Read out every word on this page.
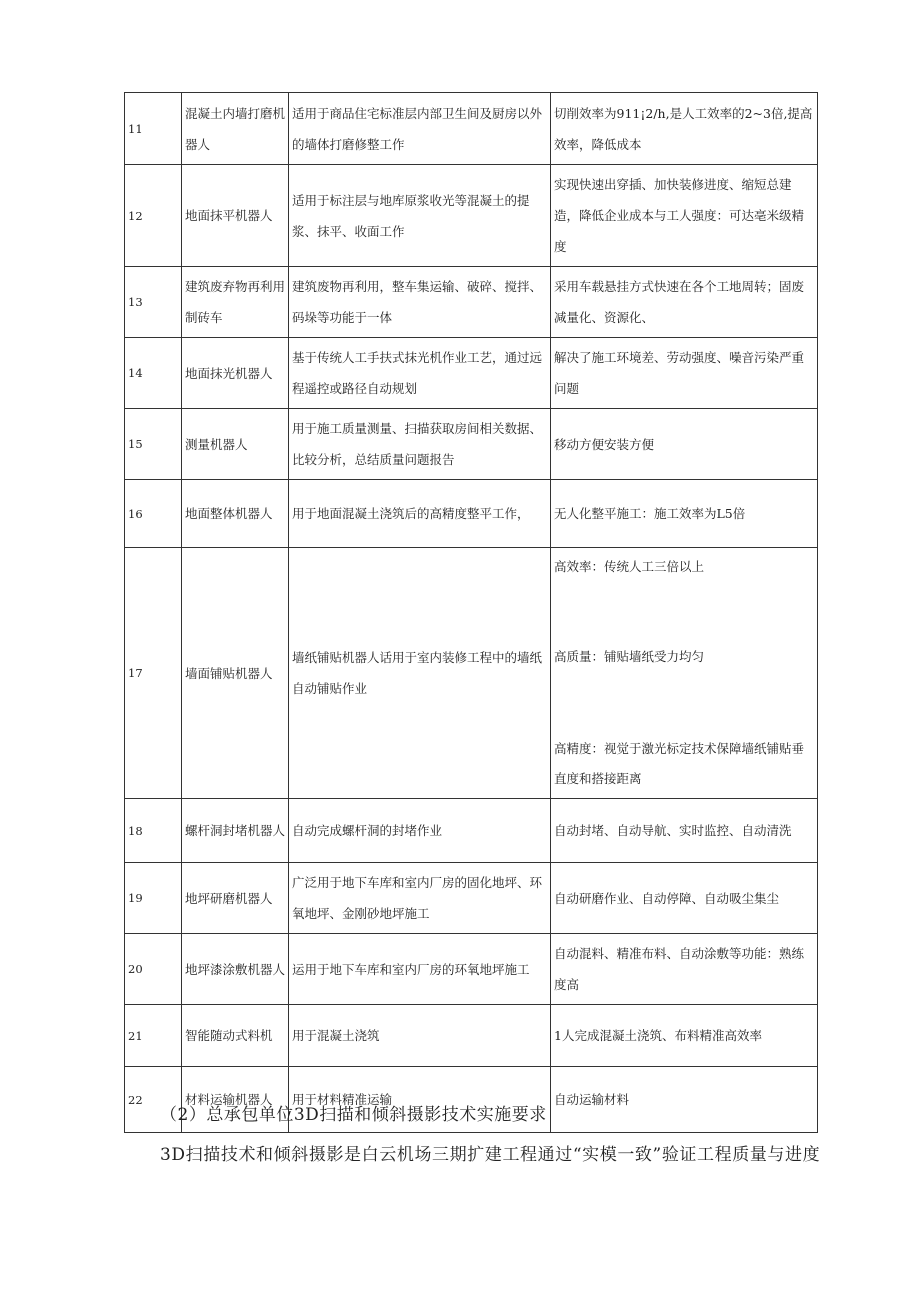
11	混凝土内墙打磨机器人	适用于商品住宅标准层内部卫生间及厨房以外的墙体打磨修整工作	切削效率为911¡2/h,是人工效率的2~3倍,提高效率，降低成本
12	地面抹平机器人	适用于标注层与地库原浆收光等混凝土的提浆、抹平、收面工作	实现快速出穿插、加快装修进度、缩短总建造，降低企业成本与工人强度：可达亳米级精度
13	建筑废弃物再利用制砖车	建筑废物再利用，整车集运输、破碎、搅拌、码垛等功能于一体	采用车载悬挂方式快速在各个工地周转；固废减量化、资源化、
14	地面抹光机器人	基于传统人工手扶式抹光机作业工艺，通过远程遥控或路径自动规划	解决了施工环境差、劳动强度、噪音污染严重问题
15	测量机器人	用于施工质量测量、扫描获取房间相关数据、比较分析，总结质量问题报告	移动方便安装方便
16	地面整体机器人	用于地面混凝土浇筑后的高精度整平工作，	无人化整平施工：施工效率为L5倍
17	墙面铺贴机器人	墙纸铺贴机器人话用于室内装修工程中的墙纸自动铺贴作业	高效率：传统人工三倍以上
高质量：铺贴墙纸受力均匀
高精度：视觉于激光标定技术保障墙纸铺贴垂直度和搭接距离

18	螺杆洞封堵机器人	自动完成螺杆洞的封堵作业	自动封堵、自动导航、实时监控、自动清洗
19	地坪研磨机器人	广泛用于地下车库和室内厂房的固化地坪、环氧地坪、金刚砂地坪施工	自动研磨作业、自动停障、自动吸尘集尘
20	地坪漆涂敷机器人	运用于地下车库和室内厂房的环氧地坪施工	自动混料、精准布料、自动涂敷等功能：熟练度高
21	智能随动式料机	用于混凝土浇筑	1人完成混凝土浇筑、布料精准高效率
22	材料运输机器人	用于材料精准运输	自动运输材料
（2）总承包单位3D扫描和倾斜摄影技术实施要求

3D扫描技术和倾斜摄影是白云机场三期扩建工程通过“实模一致”验证工程质量与进度
